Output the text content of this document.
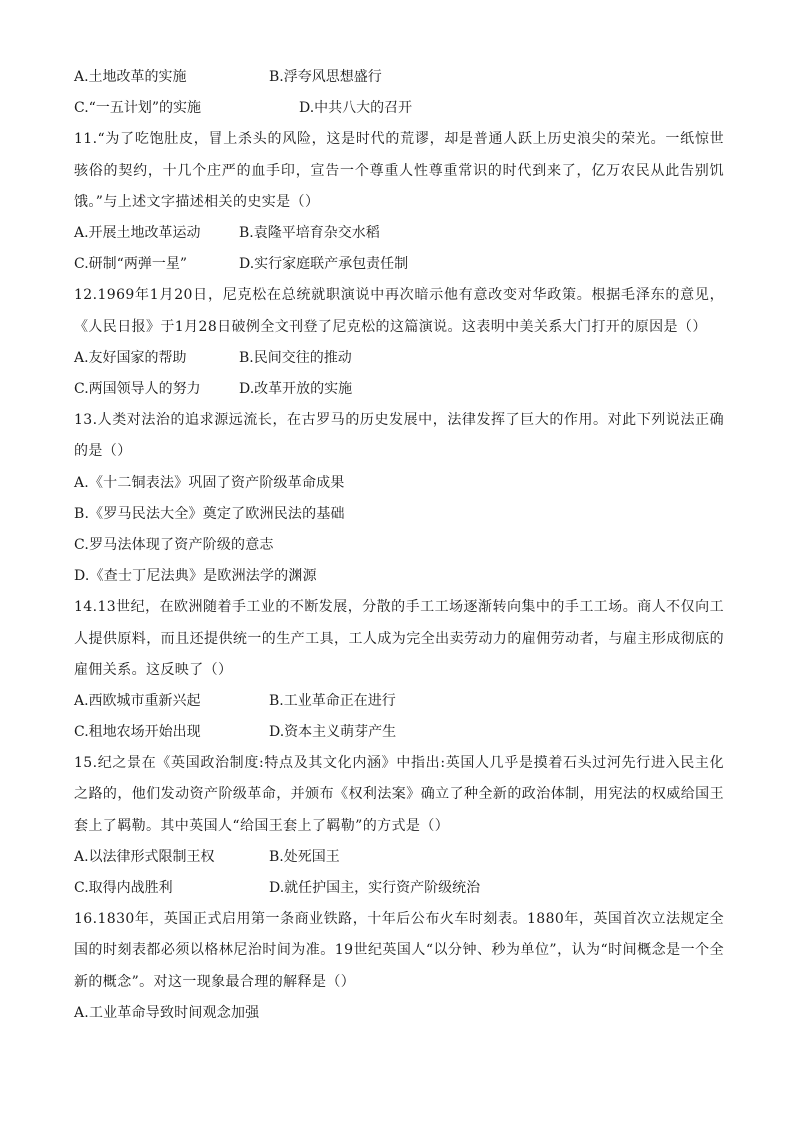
A.土地改革的实施	B.浮夸风思想盛行
C.“一五计划”的实施	D.中共八大的召开
11.“为了吃饱肚皮，冒上杀头的风险，这是时代的荒谬，却是普通人跃上历史浪尖的荣光。一纸惊世骇俗的契约，十几个庄严的血手印，宣告一个尊重人性尊重常识的时代到来了，亿万农民从此告别饥饿。”与上述文字描述相关的史实是（）
A.开展土地改革运动	B.袁隆平培育杂交水稻
C.研制“两弹一星”	D.实行家庭联产承包责任制
12.1969年1月20日，尼克松在总统就职演说中再次暗示他有意改变对华政策。根据毛泽东的意见，《人民日报》于1月28日破例全文刊登了尼克松的这篇演说。这表明中美关系大门打开的原因是（）
A.友好国家的帮助	B.民间交往的推动
C.两国领导人的努力	D.改革开放的实施
13.人类对法治的追求源远流长，在古罗马的历史发展中，法律发挥了巨大的作用。对此下列说法正确的是（）
A.《十二铜表法》巩固了资产阶级革命成果
B.《罗马民法大全》奠定了欧洲民法的基础
C.罗马法体现了资产阶级的意志
D.《查士丁尼法典》是欧洲法学的渊源
14.13世纪，在欧洲随着手工业的不断发展，分散的手工工场逐渐转向集中的手工工场。商人不仅向工人提供原料，而且还提供统一的生产工具，工人成为完全出卖劳动力的雇佣劳动者，与雇主形成彻底的雇佣关系。这反映了（）
A.西欧城市重新兴起	B.工业革命正在进行
C.租地农场开始出现	D.资本主义萌芽产生
15.纪之景在《英国政治制度:特点及其文化内涵》中指出:英国人几乎是摸着石头过河先行进入民主化之路的，他们发动资产阶级革命，并颁布《权利法案》确立了种全新的政治体制，用宪法的权威给国王套上了羁勒。其中英国人“给国王套上了羁勒”的方式是（）
A.以法律形式限制王权	B.处死国王
C.取得内战胜利	D.就任护国主，实行资产阶级统治
16.1830年，英国正式启用第一条商业铁路，十年后公布火车时刻表。1880年，英国首次立法规定全国的时刻表都必须以格林尼治时间为准。19世纪英国人“以分钟、秒为单位”，认为“时间概念是一个全新的概念”。对这一现象最合理的解释是（）
A.工业革命导致时间观念加强
